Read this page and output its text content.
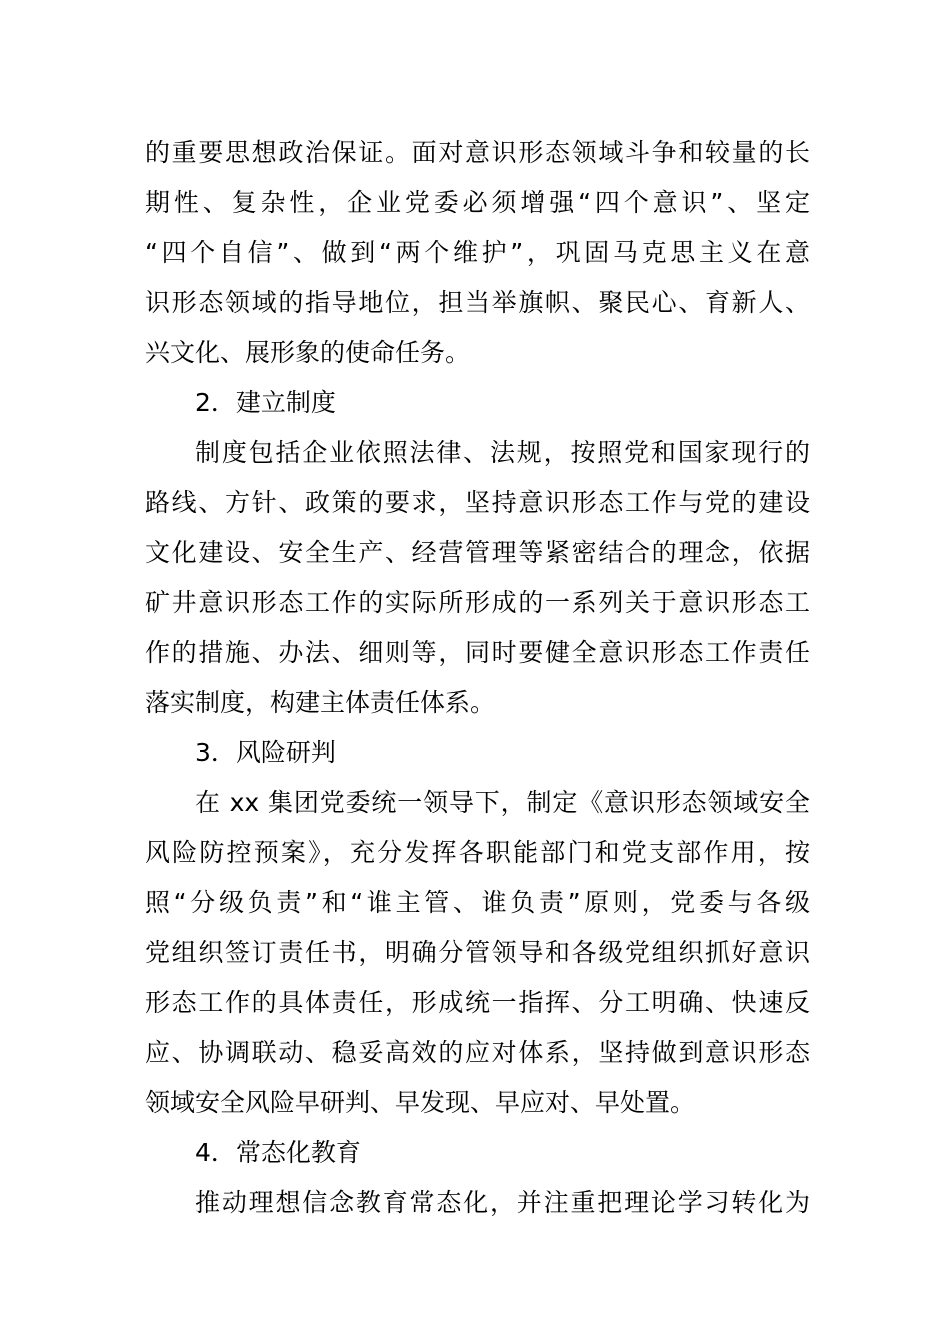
的重要思想政治保证。面对意识形态领域斗争和较量的长
期性、复杂性，企业党委必须增强“四个意识”、坚定
“四个自信”、做到“两个维护”，巩固马克思主义在意
识形态领域的指导地位，担当举旗帜、聚民心、育新人、
兴文化、展形象的使命任务。
2．建立制度
制度包括企业依照法律、法规，按照党和国家现行的
路线、方针、政策的要求，坚持意识形态工作与党的建设
文化建设、安全生产、经营管理等紧密结合的理念，依据
矿井意识形态工作的实际所形成的一系列关于意识形态工
作的措施、办法、细则等，同时要健全意识形态工作责任
落实制度，构建主体责任体系。
3．风险研判
在 xx 集团党委统一领导下，制定《意识形态领域安全
风险防控预案》，充分发挥各职能部门和党支部作用，按
照“分级负责”和“谁主管、谁负责”原则，党委与各级
党组织签订责任书，明确分管领导和各级党组织抓好意识
形态工作的具体责任，形成统一指挥、分工明确、快速反
应、协调联动、稳妥高效的应对体系，坚持做到意识形态
领域安全风险早研判、早发现、早应对、早处置。
4．常态化教育
推动理想信念教育常态化，并注重把理论学习转化为
